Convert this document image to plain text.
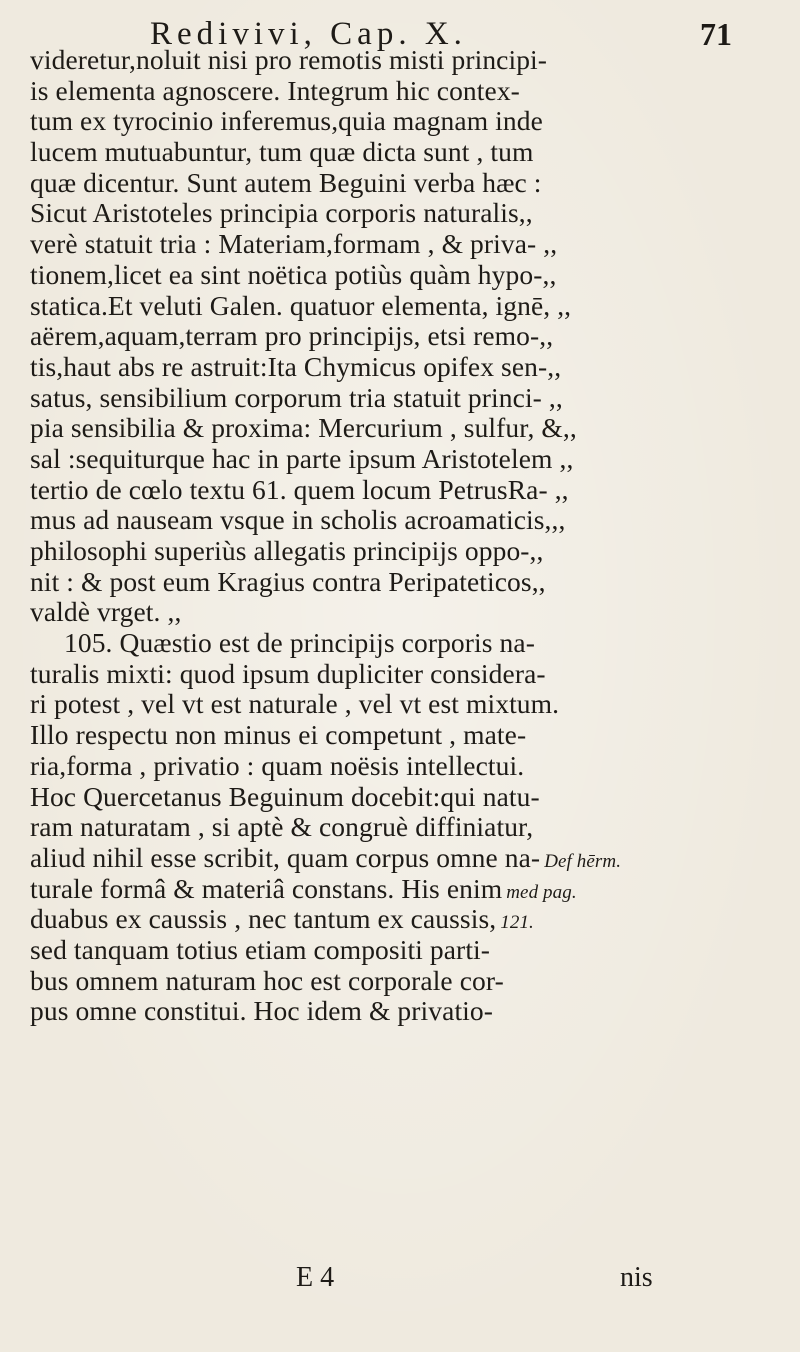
Redivivi, Cap. X.	71
videretur,noluit nisi pro remotis misti principi-
is elementa agnoscere. Integrum hic contex-
tum ex tyrocinio inferemus,quia magnam inde
lucem mutuabuntur, tum quæ dicta sunt , tum
quæ dicentur. Sunt autem Beguini verba hæc :
Sicut Aristoteles principia corporis naturalis,,
verè statuit tria : Materiam,formam , & priva- ,,
tionem,licet ea sint noëtica potiùs quàm hypo-,,
statica.Et veluti Galen. quatuor elementa, ignē, ,,
aërem,aquam,terram pro principijs, etsi remo-,,
tis,haut abs re astruit:Ita Chymicus opifex sen-,,
satus, sensibilium corporum tria statuit princi- ,,
pia sensibilia & proxima: Mercurium , sulfur, &,,
sal :sequiturque hac in parte ipsum Aristotelem ,,
tertio de cœlo textu 61. quem locum PetrusRa- ,,
mus ad nauseam vsque in scholis acroamaticis,,,
philosophi superiùs allegatis principijs oppo-,,
nit : & post eum Kragius contra Peripateticos,,
valdè vrget. ,,
105. Quæstio est de principijs corporis na-
turalis mixti: quod ipsum dupliciter considera-
ri potest , vel vt est naturale , vel vt est mixtum.
Illo respectu non minus ei competunt , mate-
ria,forma , privatio : quam noësis intellectui.
Hoc Quercetanus Beguinum docebit:qui natu-
ram naturatam , si aptè & congruè diffiniatur,
aliud nihil esse scribit, quam corpus omne na- Def hērm.
turale formâ & materiâ constans. His enim med pag.
duabus ex caussis , nec tantum ex caussis, 121.
sed tanquam totius etiam compositi parti-
bus omnem naturam hoc est corporale cor-
pus omne constitui. Hoc idem & privatio-
E 4	nis
